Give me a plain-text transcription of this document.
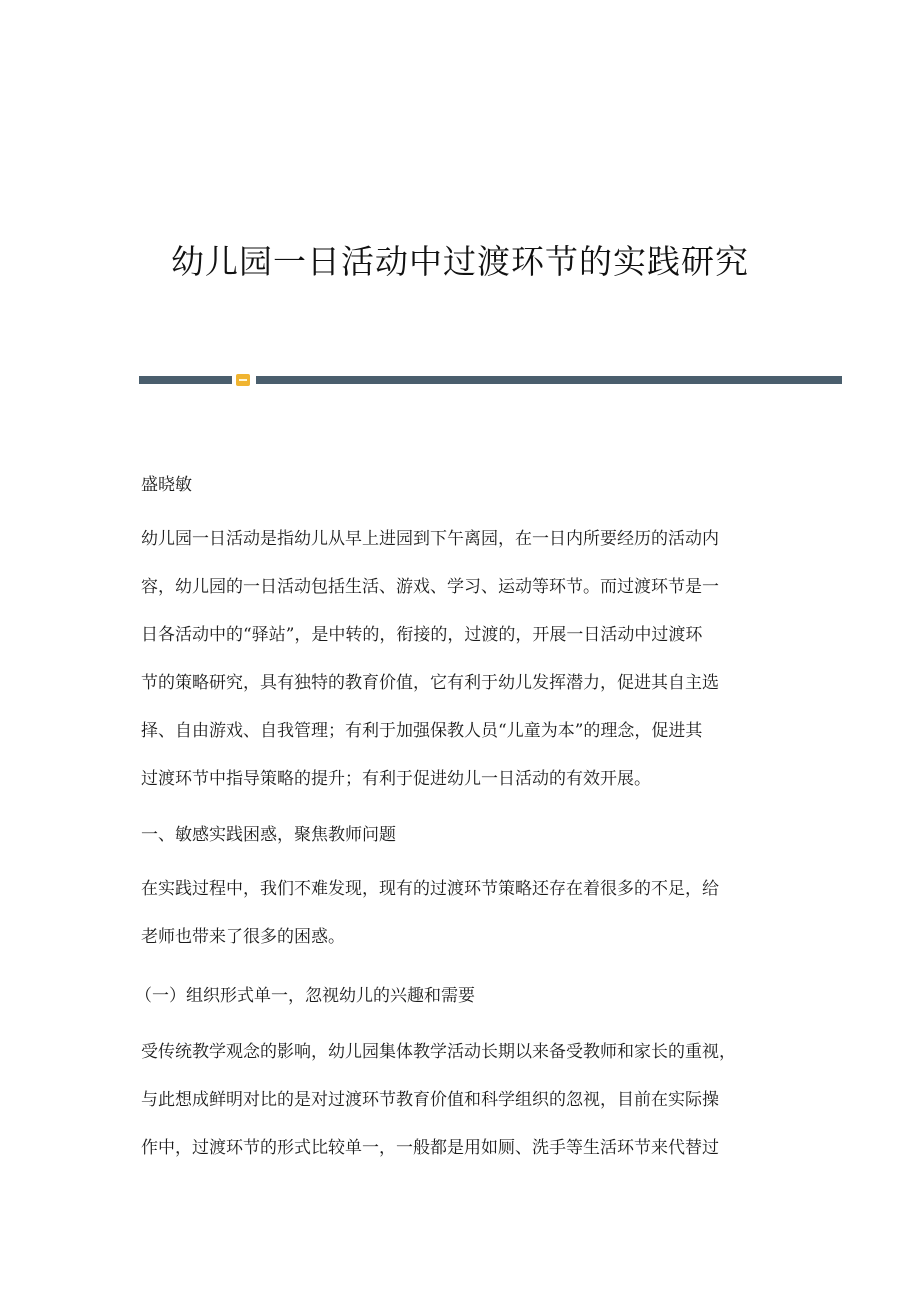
幼儿园一日活动中过渡环节的实践研究

盛晓敏

幼儿园一日活动是指幼儿从早上进园到下午离园，在一日内所要经历的活动内
容，幼儿园的一日活动包括生活、游戏、学习、运动等环节。而过渡环节是一
日各活动中的“驿站”，是中转的，衔接的，过渡的，开展一日活动中过渡环
节的策略研究，具有独特的教育价值，它有利于幼儿发挥潜力，促进其自主选
择、自由游戏、自我管理；有利于加强保教人员“儿童为本”的理念，促进其
过渡环节中指导策略的提升；有利于促进幼儿一日活动的有效开展。

一、敏感实践困惑，聚焦教师问题

在实践过程中，我们不难发现，现有的过渡环节策略还存在着很多的不足，给
老师也带来了很多的困惑。

（一）组织形式单一，忽视幼儿的兴趣和需要

受传统教学观念的影响，幼儿园集体教学活动长期以来备受教师和家长的重视，
与此想成鲜明对比的是对过渡环节教育价值和科学组织的忽视，目前在实际操
作中，过渡环节的形式比较单一，一般都是用如厕、洗手等生活环节来代替过
